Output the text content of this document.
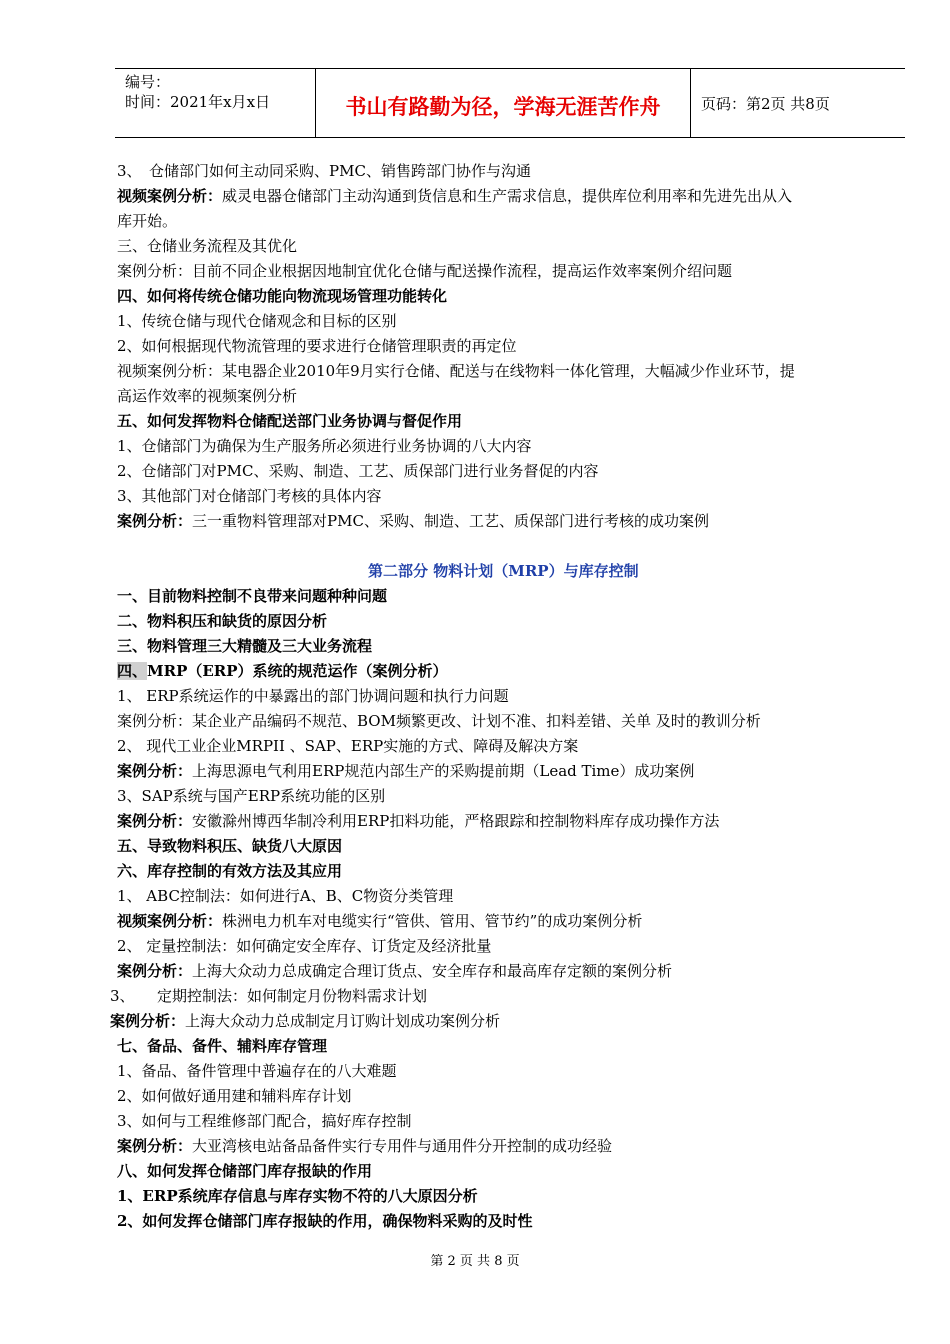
编号：
时间：2021年x月x日	书山有路勤为径，学海无涯苦作舟	页码：第2页 共8页
3、　仓储部门如何主动同采购、PMC、销售跨部门协作与沟通
视频案例分析：威灵电器仓储部门主动沟通到货信息和生产需求信息，提供库位利用率和先进先出从入
库开始。
三、仓储业务流程及其优化
案例分析：目前不同企业根据因地制宜优化仓储与配送操作流程，提高运作效率案例介绍问题
四、如何将传统仓储功能向物流现场管理功能转化
1、传统仓储与现代仓储观念和目标的区别
2、如何根据现代物流管理的要求进行仓储管理职责的再定位
视频案例分析：某电器企业2010年9月实行仓储、配送与在线物料一体化管理，大幅减少作业环节，提
高运作效率的视频案例分析
五、如何发挥物料仓储配送部门业务协调与督促作用
1、仓储部门为确保为生产服务所必须进行业务协调的八大内容
2、仓储部门对PMC、采购、制造、工艺、质保部门进行业务督促的内容
3、其他部门对仓储部门考核的具体内容
案例分析：三一重物料管理部对PMC、采购、制造、工艺、质保部门进行考核的成功案例
第二部分 物料计划（MRP）与库存控制
一、目前物料控制不良带来问题种种问题
二、物料积压和缺货的原因分析
三、物料管理三大精髓及三大业务流程
四、MRP（ERP）系统的规范运作（案例分析）
1、 ERP系统运作的中暴露出的部门协调问题和执行力问题
案例分析：某企业产品编码不规范、BOM频繁更改、计划不准、扣料差错、关单 及时的教训分析
2、 现代工业企业MRPII 、SAP、ERP实施的方式、障碍及解决方案
案例分析：上海思源电气利用ERP规范内部生产的采购提前期（Lead Time）成功案例
3、SAP系统与国产ERP系统功能的区别
案例分析：安徽滁州博西华制冷利用ERP扣料功能，严格跟踪和控制物料库存成功操作方法
五、导致物料积压、缺货八大原因
六、库存控制的有效方法及其应用
1、 ABC控制法：如何进行A、B、C物资分类管理
视频案例分析：株洲电力机车对电缆实行“管供、管用、管节约”的成功案例分析
2、 定量控制法：如何确定安全库存、订货定及经济批量
案例分析：上海大众动力总成确定合理订货点、安全库存和最高库存定额的案例分析
3、　　定期控制法：如何制定月份物料需求计划
案例分析：上海大众动力总成制定月订购计划成功案例分析
七、备品、备件、辅料库存管理
1、备品、备件管理中普遍存在的八大难题
2、如何做好通用建和辅料库存计划
3、如何与工程维修部门配合，搞好库存控制
案例分析：大亚湾核电站备品备件实行专用件与通用件分开控制的成功经验
八、如何发挥仓储部门库存报缺的作用
1、ERP系统库存信息与库存实物不符的八大原因分析
2、如何发挥仓储部门库存报缺的作用，确保物料采购的及时性
第 2 页 共 8 页
